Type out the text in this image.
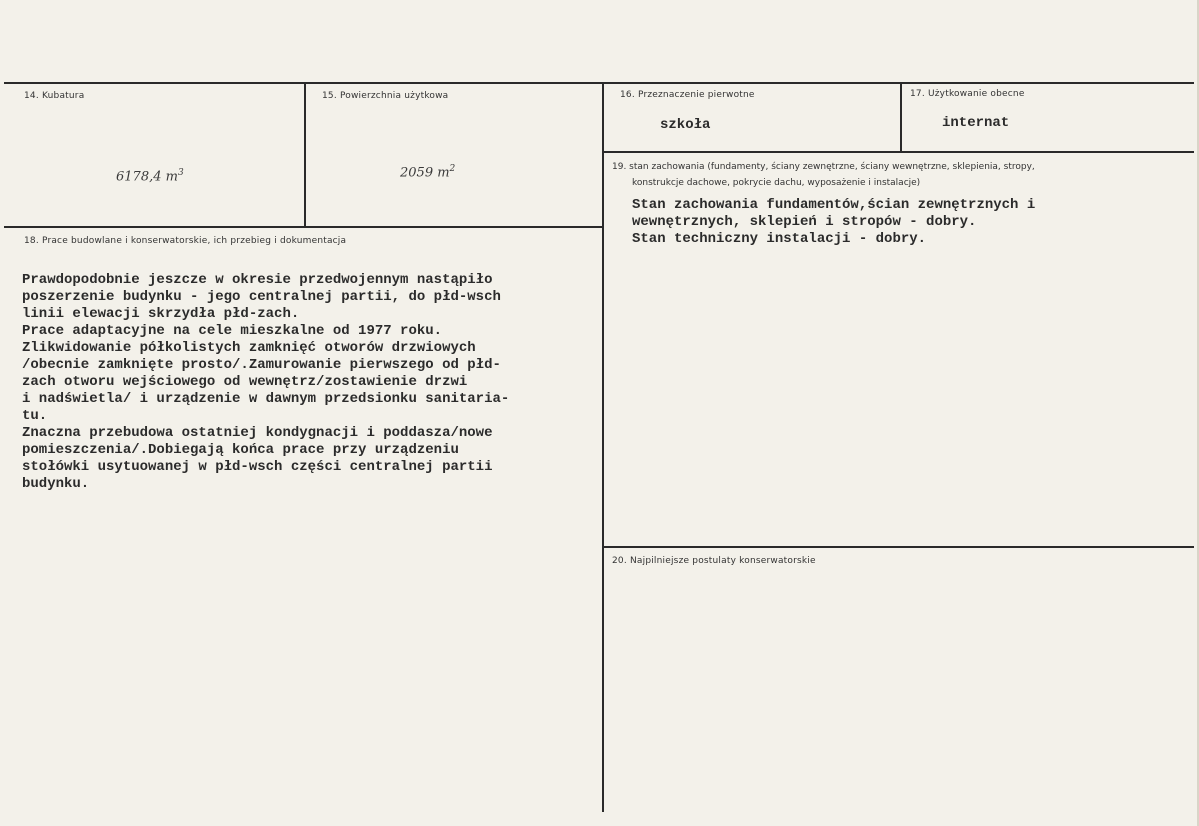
14. Kubatura
6178,4 $m^3$
15. Powierzchnia użytkowa
2059 $m^2$
16. Przeznaczenie pierwotne
szkoła
17. Użytkowanie obecne
internat
18. Prace budowlane i konserwatorskie, ich przebieg i dokumentacja
Prawdopodobnie jeszcze w okresie przedwojennym nastąpiło
poszerzenie budynku - jego centralnej partii, do płd-wsch
linii elewacji skrzydła płd-zach.
Prace adaptacyjne na cele mieszkalne od 1977 roku.
Zlikwidowanie półkolistych zamknięć otworów drzwiowych
/obecnie zamknięte prosto/.Zamurowanie pierwszego od płd-
zach otworu wejściowego od wewnętrz/zostawienie drzwi
i nadświetla/ i urządzenie w dawnym przedsionku sanitaria-
tu.
Znaczna przebudowa ostatniej kondygnacji i poddasza/nowe
pomieszczenia/.Dobiegają końca prace przy urządzeniu
stołówki usytuowanej w płd-wsch części centralnej partii
budynku.
19. stan zachowania (fundamenty, ściany zewnętrzne, ściany wewnętrzne, sklepienia, stropy,
konstrukcje dachowe, pokrycie dachu, wyposażenie i instalacje)
Stan zachowania fundamentów,ścian zewnętrznych i
wewnętrznych, sklepień i stropów - dobry.
Stan techniczny instalacji - dobry.
20. Najpilniejsze postulaty konserwatorskie
